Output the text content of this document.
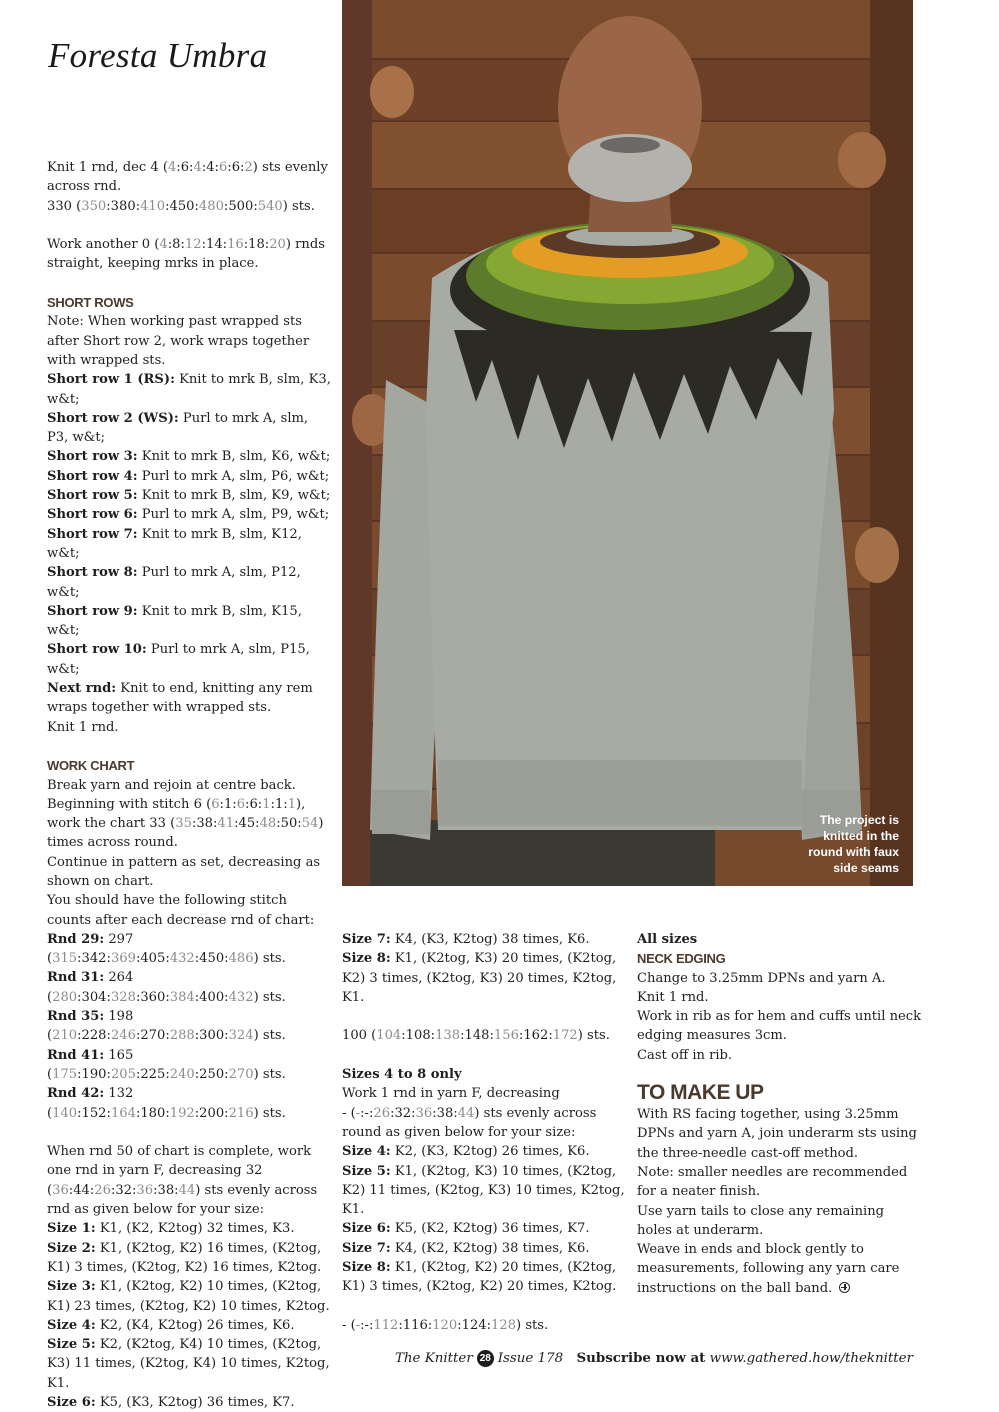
Foresta Umbra

Knit 1 rnd, dec 4 (4:6:4:4:6:6:2) sts evenly across rnd.

330 (350:380:410:450:480:500:540) sts.

Work another 0 (4:8:12:14:16:18:20) rnds straight, keeping mrks in place.

SHORT ROWS

Note: When working past wrapped sts after Short row 2, work wraps together with wrapped sts.

Short row 1 (RS): Knit to mrk B, slm, K3, w&t;

Short row 2 (WS): Purl to mrk A, slm, P3, w&t;

Short row 3: Knit to mrk B, slm, K6, w&t;

Short row 4: Purl to mrk A, slm, P6, w&t;

Short row 5: Knit to mrk B, slm, K9, w&t;

Short row 6: Purl to mrk A, slm, P9, w&t;

Short row 7: Knit to mrk B, slm, K12, w&t;

Short row 8: Purl to mrk A, slm, P12, w&t;

Short row 9: Knit to mrk B, slm, K15, w&t;

Short row 10: Purl to mrk A, slm, P15, w&t;

Next rnd: Knit to end, knitting any rem wraps together with wrapped sts.

Knit 1 rnd.

WORK CHART

Break yarn and rejoin at centre back.

Beginning with stitch 6 (6:1:6:6:1:1:1), work the chart 33 (35:38:41:45:48:50:54) times across round.

Continue in pattern as set, decreasing as shown on chart.

You should have the following stitch counts after each decrease rnd of chart:

Rnd 29: 297 (315:342:369:405:432:450:486) sts.

Rnd 31: 264 (280:304:328:360:384:400:432) sts.

Rnd 35: 198 (210:228:246:270:288:300:324) sts.

Rnd 41: 165 (175:190:205:225:240:250:270) sts.

Rnd 42: 132 (140:152:164:180:192:200:216) sts.

When rnd 50 of chart is complete, work one rnd in yarn F, decreasing 32 (36:44:26:32:36:38:44) sts evenly across rnd as given below for your size:

Size 1: K1, (K2, K2tog) 32 times, K3.

Size 2: K1, (K2tog, K2) 16 times, (K2tog, K1) 3 times, (K2tog, K2) 16 times, K2tog.

Size 3: K1, (K2tog, K2) 10 times, (K2tog, K1) 23 times, (K2tog, K2) 10 times, K2tog.

Size 4: K2, (K4, K2tog) 26 times, K6.

Size 5: K2, (K2tog, K4) 10 times, (K2tog, K3) 11 times, (K2tog, K4) 10 times, K2tog, K1.

Size 6: K5, (K3, K2tog) 36 times, K7.

The project is
knitted in the
round with faux
side seams

Size 7: K4, (K3, K2tog) 38 times, K6.

Size 8: K1, (K2tog, K3) 20 times, (K2tog, K2) 3 times, (K2tog, K3) 20 times, K2tog, K1.

100 (104:108:138:148:156:162:172) sts.

Sizes 4 to 8 only

Work 1 rnd in yarn F, decreasing

- (-:-:26:32:36:38:44) sts evenly across round as given below for your size:

Size 4: K2, (K3, K2tog) 26 times, K6.

Size 5: K1, (K2tog, K3) 10 times, (K2tog, K2) 11 times, (K2tog, K3) 10 times, K2tog, K1.

Size 6: K5, (K2, K2tog) 36 times, K7.

Size 7: K4, (K2, K2tog) 38 times, K6.

Size 8: K1, (K2tog, K2) 20 times, (K2tog, K1) 3 times, (K2tog, K2) 20 times, K2tog.

- (-:-:112:116:120:124:128) sts.

All sizes

NECK EDGING

Change to 3.25mm DPNs and yarn A.

Knit 1 rnd.

Work in rib as for hem and cuffs until neck edging measures 3cm.

Cast off in rib.

TO MAKE UP

With RS facing together, using 3.25mm DPNs and yarn A, join underarm sts using the three-needle cast-off method.

Note: smaller needles are recommended for a neater finish.

Use yarn tails to close any remaining holes at underarm.

Weave in ends and block gently to measurements, following any yarn care instructions on the ball band.

The Knitter 28 Issue 178 Subscribe now at www.gathered.how/theknitter
